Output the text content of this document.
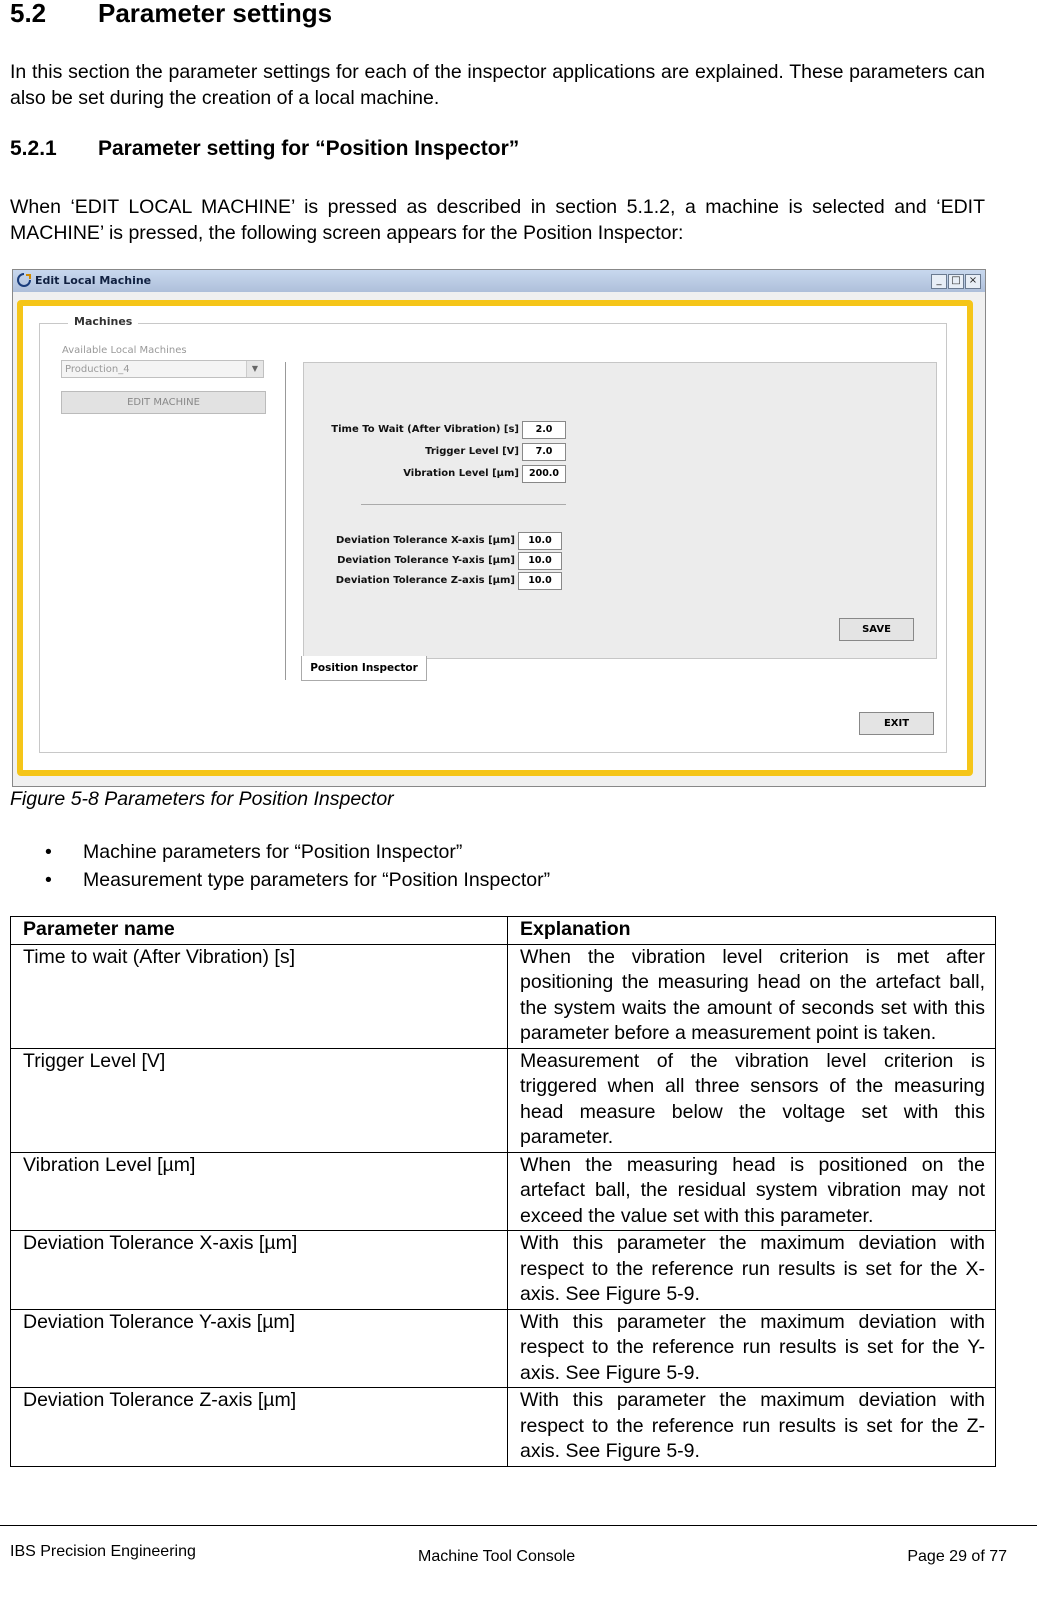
5.2 Parameter settings
In this section the parameter settings for each of the inspector applications are explained. These parameters can also be set during the creation of a local machine.
5.2.1 Parameter setting for “Position Inspector”
When ‘EDIT LOCAL MACHINE’ is pressed as described in section 5.1.2, a machine is selected and ‘EDIT MACHINE’ is pressed, the following screen appears for the Position Inspector:
Edit Local Machine	_ □ ×
Machines
Available Local Machines
Production_4	▼
EDIT MACHINE
Time To Wait (After Vibration) [s]	2.0
Trigger Level [V]	7.0
Vibration Level [µm]	200.0
Deviation Tolerance X-axis [µm]	10.0
Deviation Tolerance Y-axis [µm]	10.0
Deviation Tolerance Z-axis [µm]	10.0
SAVE
Position Inspector
EXIT
Figure 5-8 Parameters for Position Inspector
• Machine parameters for “Position Inspector”
• Measurement type parameters for “Position Inspector”
Parameter name	Explanation
Time to wait (After Vibration) [s]	When the vibration level criterion is met after positioning the measuring head on the artefact ball, the system waits the amount of seconds set with this parameter before a measurement point is taken.
Trigger Level [V]	Measurement of the vibration level criterion is triggered when all three sensors of the measuring head measure below the voltage set with this parameter.
Vibration Level [µm]	When the measuring head is positioned on the artefact ball, the residual system vibration may not exceed the value set with this parameter.
Deviation Tolerance X-axis [µm]	With this parameter the maximum deviation with respect to the reference run results is set for the X-axis. See Figure 5-9.
Deviation Tolerance Y-axis [µm]	With this parameter the maximum deviation with respect to the reference run results is set for the Y-axis. See Figure 5-9.
Deviation Tolerance Z-axis [µm]	With this parameter the maximum deviation with respect to the reference run results is set for the Z-axis. See Figure 5-9.
IBS Precision Engineering	Machine Tool Console	Page 29 of 77
